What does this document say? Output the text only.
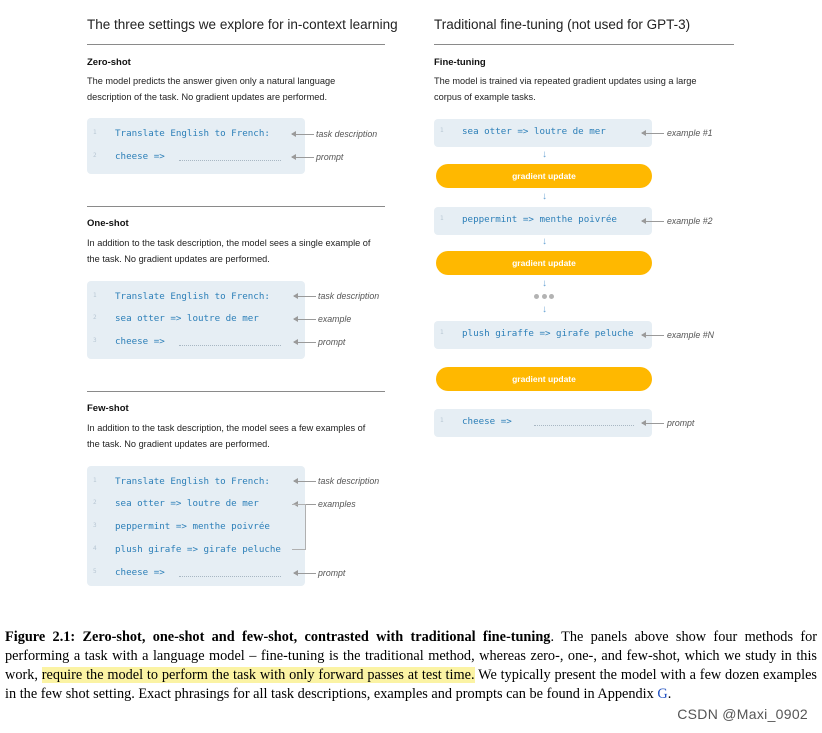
The three settings we explore for in-context learning
Zero-shot
The model predicts the answer given only a natural language description of the task. No gradient updates are performed.
1 Translate English to French:
2 cheese =>
task description
prompt
One-shot
In addition to the task description, the model sees a single example of the task. No gradient updates are performed.
1 Translate English to French:
2 sea otter => loutre de mer
3 cheese =>
task description
example
prompt
Few-shot
In addition to the task description, the model sees a few examples of the task. No gradient updates are performed.
1 Translate English to French:
2 sea otter => loutre de mer
3 peppermint => menthe poivrée
4 plush girafe => girafe peluche
5 cheese =>
task description
examples
prompt
Traditional fine-tuning (not used for GPT-3)
Fine-tuning
The model is trained via repeated gradient updates using a large corpus of example tasks.
1 sea otter => loutre de mer	example #1
↓
gradient update
↓
1 peppermint => menthe poivrée	example #2
↓
gradient update
↓
↓
1 plush giraffe => girafe peluche	example #N
gradient update
1 cheese =>	prompt
Figure 2.1: Zero-shot, one-shot and few-shot, contrasted with traditional fine-tuning. The panels above show four methods for performing a task with a language model – fine-tuning is the traditional method, whereas zero-, one-, and few-shot, which we study in this work, require the model to perform the task with only forward passes at test time. We typically present the model with a few dozen examples in the few shot setting. Exact phrasings for all task descriptions, examples and prompts can be found in Appendix G.
CSDN @Maxi_0902
